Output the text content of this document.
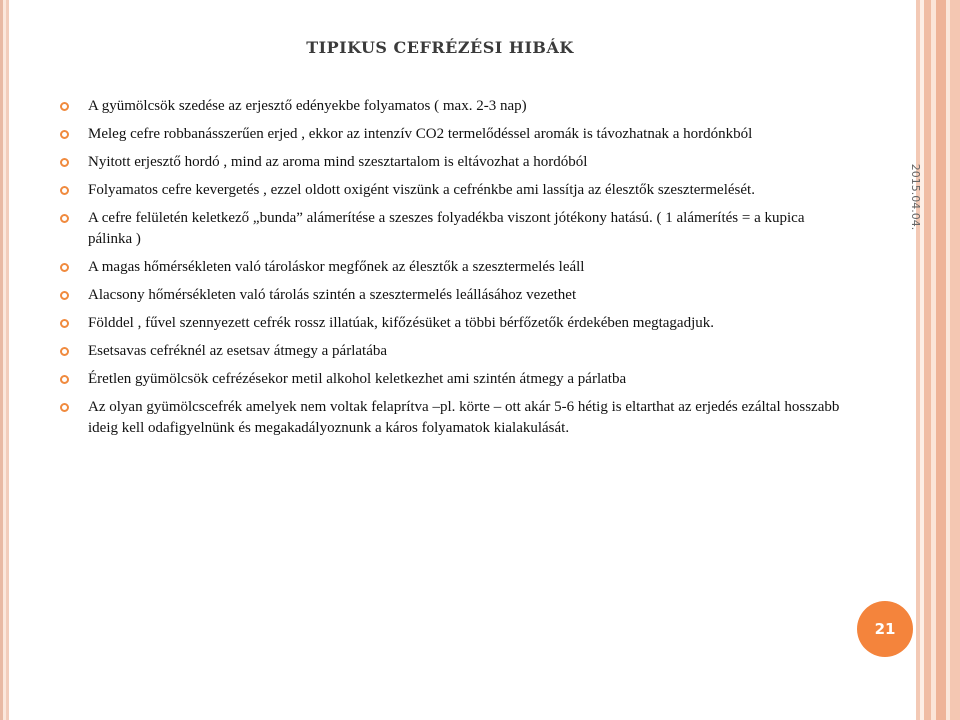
TIPIKUS CEFRÉZÉSI HIBÁK
A gyümölcsök szedése az erjesztő edényekbe folyamatos ( max. 2-3 nap)
Meleg cefre robbanásszerűen erjed , ekkor az intenzív CO2 termelődéssel aromák is távozhatnak a hordónkból
Nyitott erjesztő hordó , mind az aroma mind szesztartalom is eltávozhat a hordóból
Folyamatos cefre kevergetés , ezzel oldott oxigént viszünk a cefrénkbe ami lassítja az élesztők szesztermelését.
A cefre felületén keletkező „bunda” alámerítése a szeszes folyadékba viszont jótékony hatású. ( 1 alámerítés = a kupica pálinka )
A magas hőmérsékleten való tároláskor megfőnek az élesztők a szesztermelés leáll
Alacsony hőmérsékleten való tárolás szintén a szesztermelés leállásához vezethet
Földdel , fűvel szennyezett cefrék rossz illatúak, kifőzésüket a többi bérfőzetők érdekében megtagadjuk.
Esetsavas cefréknél az esetsav átmegy a párlatába
Éretlen gyümölcsök cefrézésekor metil alkohol keletkezhet ami szintén átmegy a párlatba
Az olyan gyümölcscefrék amelyek nem voltak felaprítva –pl. körte – ott akár 5-6 hétig is eltarthat az erjedés ezáltal hosszabb ideig kell odafigyelnünk és megakadályoznunk a káros folyamatok kialakulását.
2015.04.04.
21
